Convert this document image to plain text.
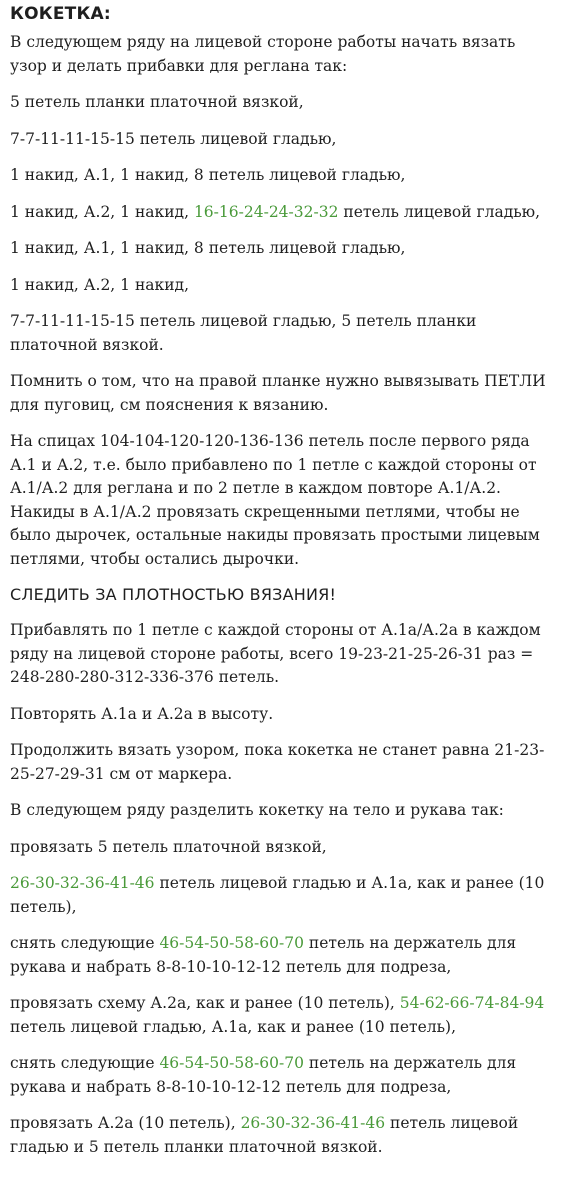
КОКЕТКА:

В следующем ряду на лицевой стороне работы начать вязать узор и делать прибавки для реглана так:

5 петель планки платочной вязкой,

7-7-11-11-15-15 петель лицевой гладью,

1 накид, А.1, 1 накид, 8 петель лицевой гладью,

1 накид, А.2, 1 накид, 16-16-24-24-32-32 петель лицевой гладью,

1 накид, А.1, 1 накид, 8 петель лицевой гладью,

1 накид, А.2, 1 накид,

7-7-11-11-15-15 петель лицевой гладью, 5 петель планки платочной вязкой.

Помнить о том, что на правой планке нужно вывязывать ПЕТЛИ для пуговиц, см пояснения к вязанию.

На спицах 104-104-120-120-136-136 петель после первого ряда А.1 и А.2, т.е. было прибавлено по 1 петле с каждой стороны от А.1/А.2 для реглана и по 2 петле в каждом повторе А.1/А.2. Накиды в А.1/А.2 провязать скрещенными петлями, чтобы не было дырочек, остальные накиды провязать простыми лицевым петлями, чтобы остались дырочки.

СЛЕДИТЬ ЗА ПЛОТНОСТЬЮ ВЯЗАНИЯ!

Прибавлять по 1 петле с каждой стороны от А.1а/А.2а в каждом ряду на лицевой стороне работы, всего 19-23-21-25-26-31 раз = 248-280-280-312-336-376 петель.

Повторять А.1а и А.2а в высоту.

Продолжить вязать узором, пока кокетка не станет равна 21-23-25-27-29-31 см от маркера.

В следующем ряду разделить кокетку на тело и рукава так:

провязать 5 петель платочной вязкой,

26-30-32-36-41-46 петель лицевой гладью и А.1а, как и ранее (10 петель),

снять следующие 46-54-50-58-60-70 петель на держатель для рукава и набрать 8-8-10-10-12-12 петель для подреза,

провязать схему А.2а, как и ранее (10 петель), 54-62-66-74-84-94 петель лицевой гладью, А.1а, как и ранее (10 петель),

снять следующие 46-54-50-58-60-70 петель на держатель для рукава и набрать 8-8-10-10-12-12 петель для подреза,

провязать А.2а (10 петель), 26-30-32-36-41-46 петель лицевой гладью и 5 петель планки платочной вязкой.
